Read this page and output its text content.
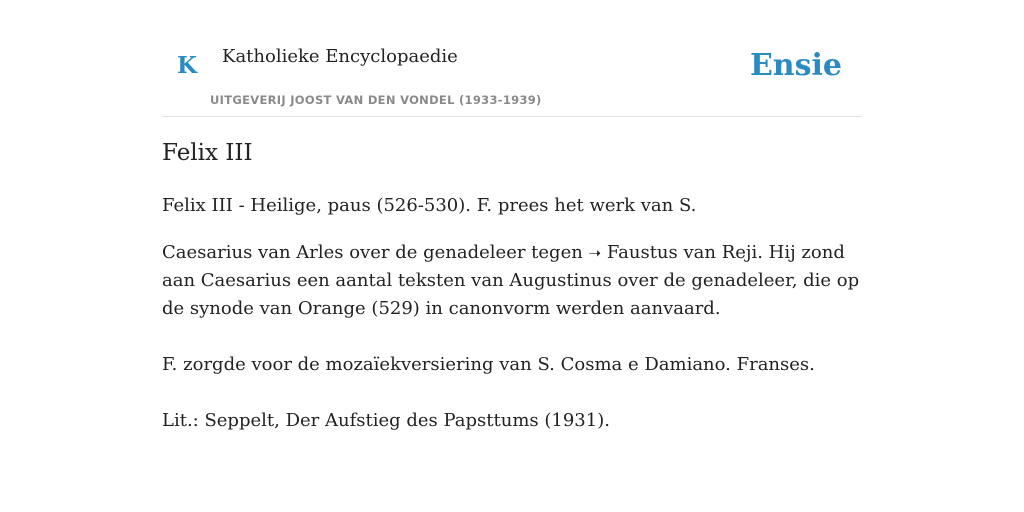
K Katholieke Encyclopaedie
UITGEVERIJ JOOST VAN DEN VONDEL (1933-1939)
Ensie
Felix III

Felix III - Heilige, paus (526-530). F. prees het werk van S.

Caesarius van Arles over de genadeleer tegen ➝ Faustus van Reji. Hij zond aan Caesarius een aantal teksten van Augustinus over de genadeleer, die op de synode van Orange (529) in canonvorm werden aanvaard.

F. zorgde voor de mozaïekversiering van S. Cosma e Damiano. Franses.

Lit.: Seppelt, Der Aufstieg des Papsttums (1931).
